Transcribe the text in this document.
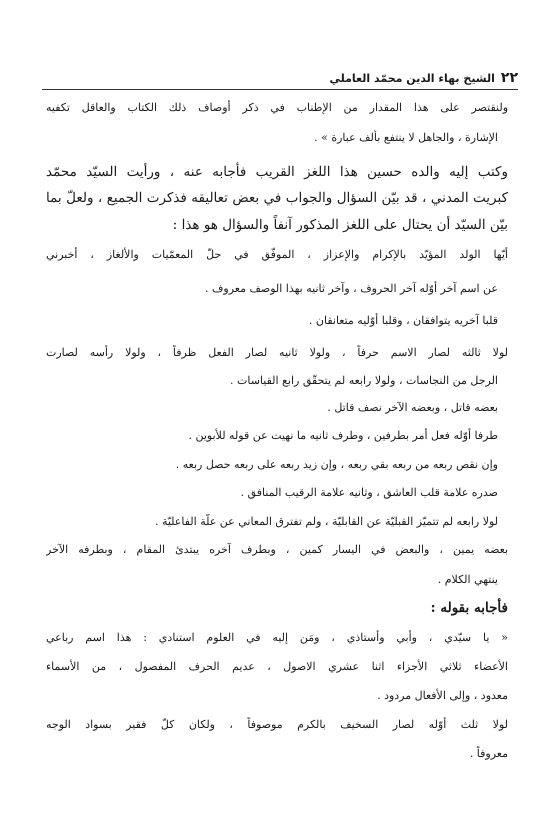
٢٢
الشيخ بهاء الدين محمّد العاملي
ولنقتصر على هذا المقدار من الإطناب في ذكر أوصاف ذلك الكتاب والعاقل تكفيه
الإشارة ، والجاهل لا ينتفع بألف عبارة » .
وكتب إليه والده حسين هذا اللغز القريب فأجابه عنه ، ورأيت السيّد محمّد
كبريت المدني ، قد بيّن السؤال والجواب في بعض تعاليقه فذكرت الجميع ، ولعلّ بما
بيّن السيّد أن يحتال على اللغز المذكور آنفاً والسؤال هو هذا :
أيّها الولد المؤيّد بالإكرام والإعزاز ، الموفّق في حلّ المعمّيات والألغاز ، أخبرني
عن اسم آخر أوّله آخر الحروف ، وآخر ثانيه بهذا الوصف معروف .
قلبا آخريه يتوافقان ، وقلبا أوّليه متعانقان .
لولا ثالثه لصار الاسم حرفاً ، ولولا ثانيه لصار الفعل ظرفاً ، ولولا رأسه لصارت
الرجل من النجاسات ، ولولا رابعه لم يتحقّق رابع القياسات .
بعضه قاتل ، وبعضه الآخر نصف قاتل .
طرفا أوّله فعل أمر بطرفين ، وطرف ثانيه ما نهيت عن قوله للأبوين .
وإن نقص ربعه من ربعه بقي ربعه ، وإن زيد ربعه على ربعه حصل ربعه .
صدره علامة قلب العاشق ، وثانيه علامة الرقيب المنافق .
لولا رابعه لم تتميّز القبليّة عن القابليّة ، ولم تفترق المعاني عن علّة الفاعليّة .
بعضه يمين ، والبعض في اليسار كمين ، وبطرف آخره يبتدئ المقام ، وبطرفه الآخر
ينتهي الكلام .
فأجابه بقوله :
« يا سيّدي ، وأبي وأُستاذي ، ومَن إليه في العلوم استنادي : هذا اسم رباعي
الأعضاء ثلاثي الأجزاء اثنا عشري الاصول ، عديم الحرف المفصول ، من الأسماء
معدود ، وإلى الأفعال مردود .
لولا ثلث أوّله لصار السخيف بالكرم موصوفاً ، ولكان كلّ فقير بسواد الوجه
معروفاً .
